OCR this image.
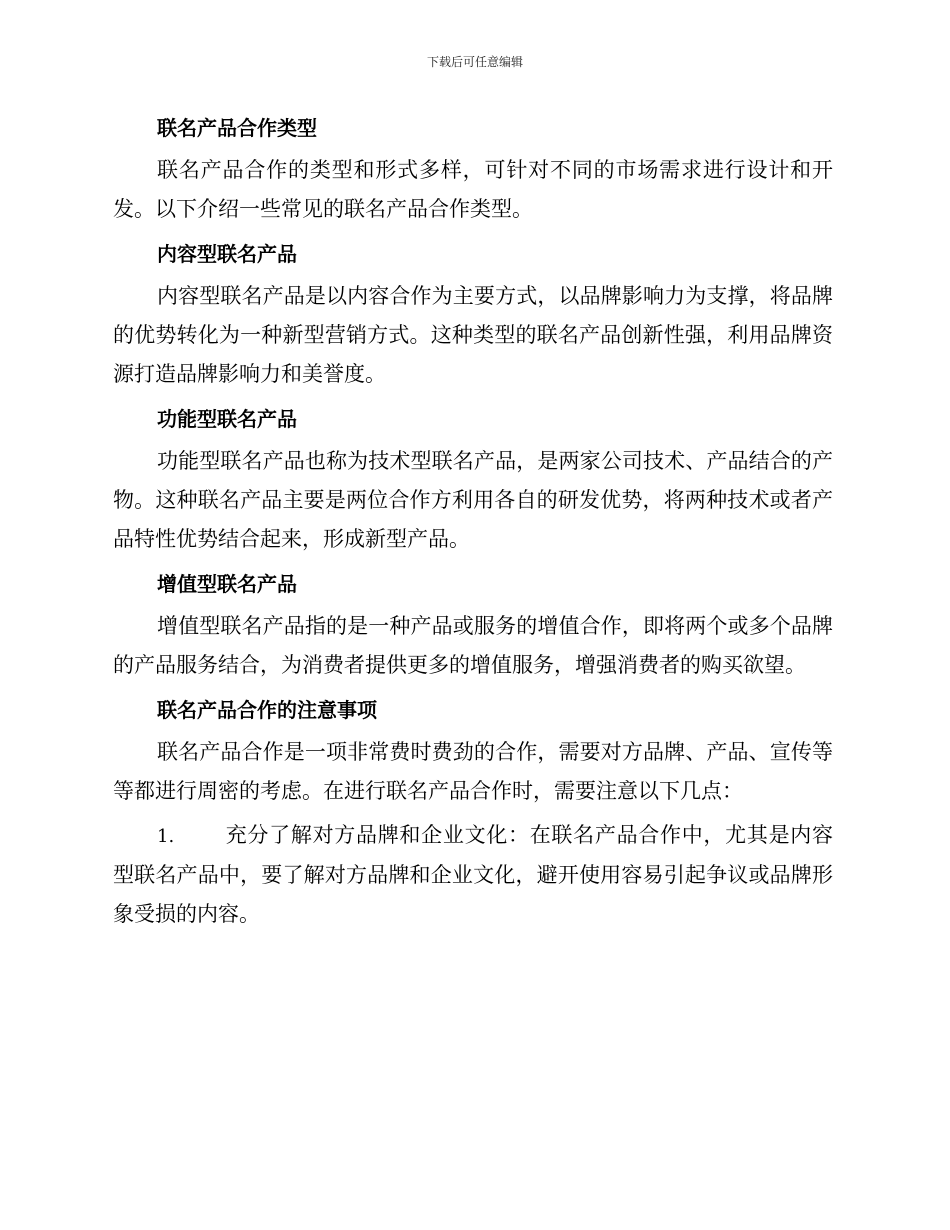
下载后可任意编辑
联名产品合作类型

联名产品合作的类型和形式多样，可针对不同的市场需求进行设计和开发。以下介绍一些常见的联名产品合作类型。

内容型联名产品

内容型联名产品是以内容合作为主要方式，以品牌影响力为支撑，将品牌的优势转化为一种新型营销方式。这种类型的联名产品创新性强，利用品牌资源打造品牌影响力和美誉度。

功能型联名产品

功能型联名产品也称为技术型联名产品，是两家公司技术、产品结合的产物。这种联名产品主要是两位合作方利用各自的研发优势，将两种技术或者产品特性优势结合起来，形成新型产品。

增值型联名产品

增值型联名产品指的是一种产品或服务的增值合作，即将两个或多个品牌的产品服务结合，为消费者提供更多的增值服务，增强消费者的购买欲望。

联名产品合作的注意事项

联名产品合作是一项非常费时费劲的合作，需要对方品牌、产品、宣传等等都进行周密的考虑。在进行联名产品合作时，需要注意以下几点：

1. 充分了解对方品牌和企业文化：在联名产品合作中，尤其是内容型联名产品中，要了解对方品牌和企业文化，避开使用容易引起争议或品牌形象受损的内容。
